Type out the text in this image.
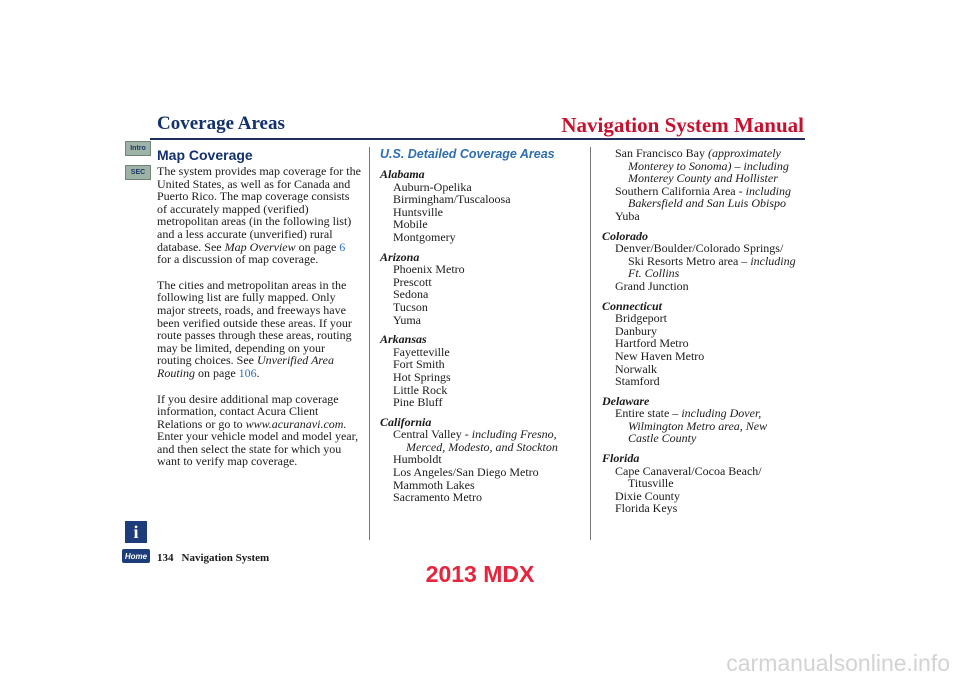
Coverage Areas	Navigation System Manual
Intro
SEC
Map Coverage

The system provides map coverage for the United States, as well as for Canada and Puerto Rico. The map coverage consists of accurately mapped (verified) metropolitan areas (in the following list) and a less accurate (unverified) rural database. See Map Overview on page 6 for a discussion of map coverage.

The cities and metropolitan areas in the following list are fully mapped. Only major streets, roads, and freeways have been verified outside these areas. If your route passes through these areas, routing may be limited, depending on your routing choices. See Unverified Area Routing on page 106.

If you desire additional map coverage information, contact Acura Client Relations or go to www.acuranavi.com. Enter your vehicle model and model year, and then select the state for which you want to verify map coverage.

U.S. Detailed Coverage Areas
Alabama
Auburn-Opelika
Birmingham/Tuscaloosa
Huntsville
Mobile
Montgomery
Arizona
Phoenix Metro
Prescott
Sedona
Tucson
Yuma
Arkansas
Fayetteville
Fort Smith
Hot Springs
Little Rock
Pine Bluff
California
Central Valley - including Fresno,
Merced, Modesto, and Stockton
Humboldt
Los Angeles/San Diego Metro
Mammoth Lakes
Sacramento Metro
San Francisco Bay (approximately
Monterey to Sonoma) – including
Monterey County and Hollister
Southern California Area - including
Bakersfield and San Luis Obispo
Yuba
Colorado
Denver/Boulder/Colorado Springs/
Ski Resorts Metro area – including
Ft. Collins
Grand Junction
Connecticut
Bridgeport
Danbury
Hartford Metro
New Haven Metro
Norwalk
Stamford
Delaware
Entire state – including Dover,
Wilmington Metro area, New
Castle County
Florida
Cape Canaveral/Cocoa Beach/
Titusville
Dixie County
Florida Keys
i
Home 134 Navigation System
2013 MDX
carmanualsonline.info
